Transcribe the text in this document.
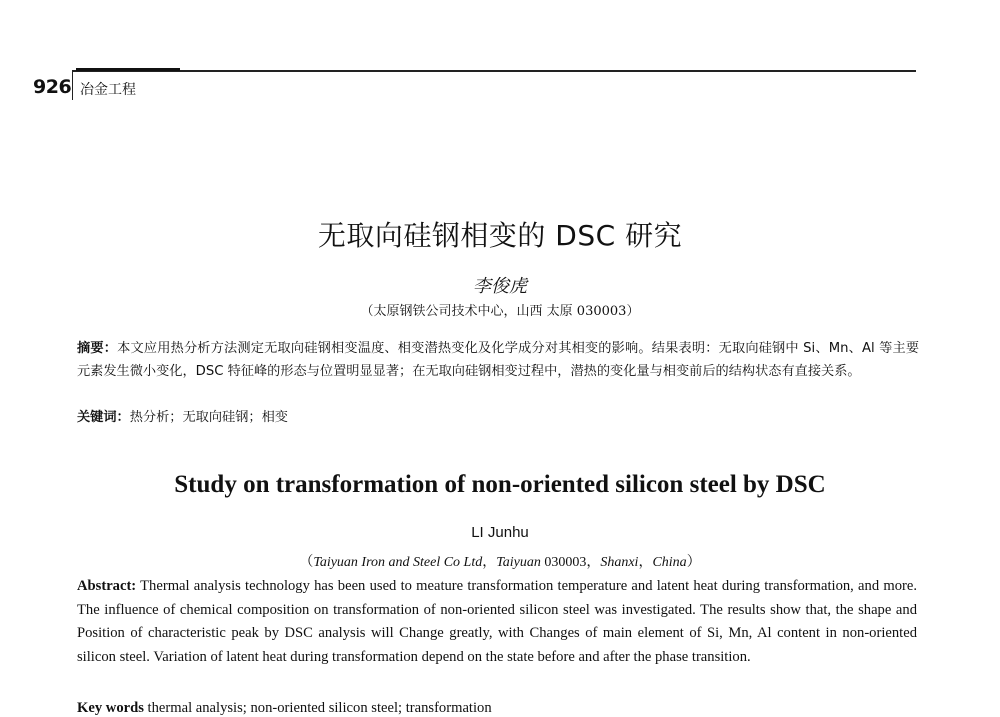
926 冶金工程
无取向硅钢相变的 DSC 研究
李俊虎
（太原钢铁公司技术中心，山西 太原 030003）
摘要：本文应用热分析方法测定无取向硅钢相变温度、相变潜热变化及化学成分对其相变的影响。结果表明：无取向硅钢中 Si、Mn、Al 等主要元素发生微小变化，DSC 特征峰的形态与位置明显显著；在无取向硅钢相变过程中，潜热的变化量与相变前后的结构状态有直接关系。
关键词：热分析；无取向硅钢；相变
Study on transformation of non-oriented silicon steel by DSC
LI Junhu
（Taiyuan Iron and Steel Co Ltd，Taiyuan 030003，Shanxi，China）
Abstract: Thermal analysis technology has been used to meature transformation temperature and latent heat during transformation, and more. The influence of chemical composition on transformation of non-oriented silicon steel was investigated. The results show that, the shape and Position of characteristic peak by DSC analysis will Change greatly, with Changes of main element of Si, Mn, Al content in non-oriented silicon steel. Variation of latent heat during transformation depend on the state before and after the phase transition.
Key words thermal analysis; non-oriented silicon steel; transformation
